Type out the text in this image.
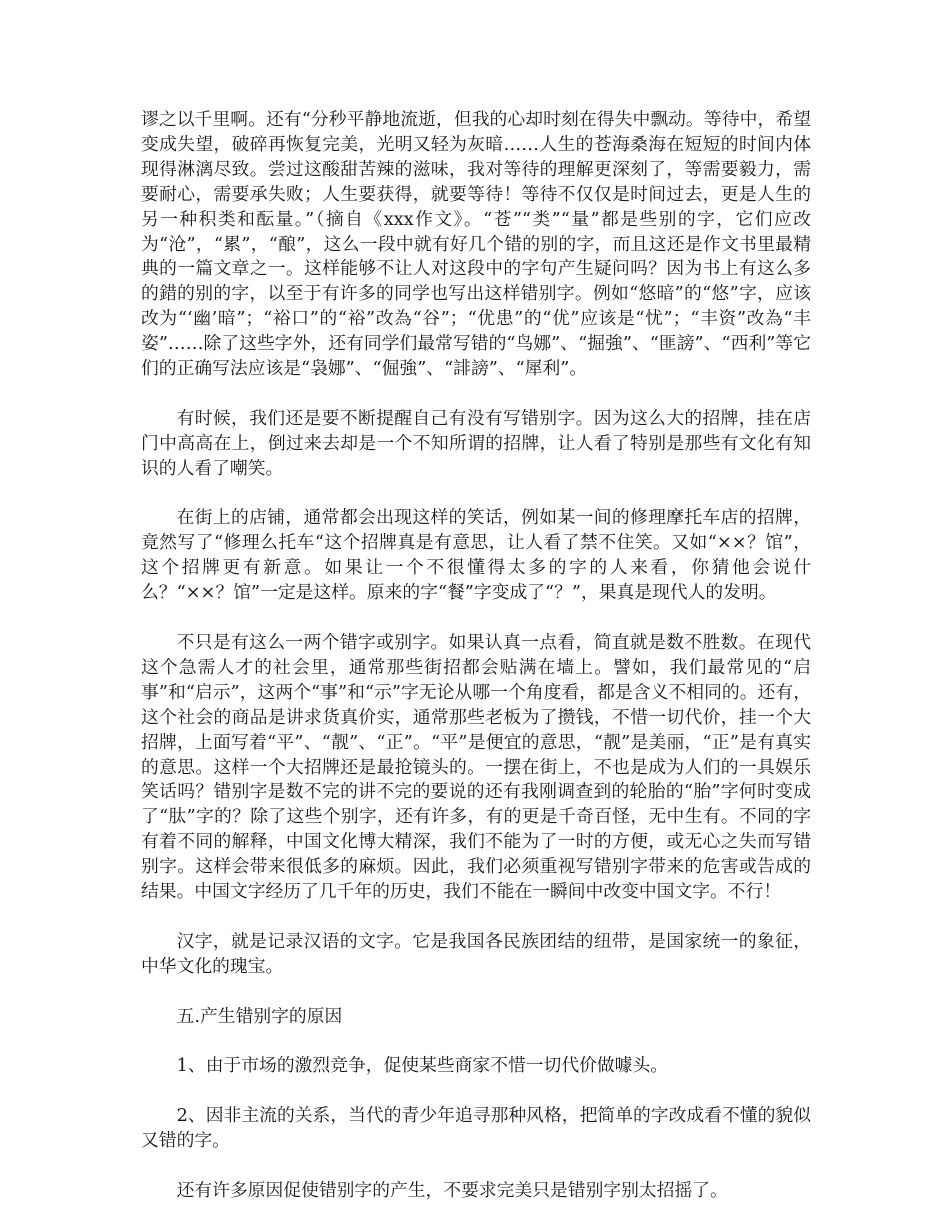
谬之以千里啊。还有“分秒平静地流逝，但我的心却时刻在得失中飘动。等待中，希望变成失望，破碎再恢复完美，光明又轻为灰暗……人生的苍海桑海在短短的时间内体现得淋漓尽致。尝过这酸甜苦辣的滋味，我对等待的理解更深刻了，等需要毅力，需要耐心，需要承失败；人生要获得，就要等待！等待不仅仅是时间过去，更是人生的另一种积类和酝量。”（摘自《xxx作文》。“苍”“类”“量”都是些别的字，它们应改为“沧”，“累”，“酿”，这么一段中就有好几个错的别的字，而且这还是作文书里最精典的一篇文章之一。这样能够不让人对这段中的字句产生疑问吗？因为书上有这么多的錯的别的字，以至于有许多的同学也写出这样错别字。例如“悠暗”的“悠”字，应该改为“‘幽’暗”；“裕口”的“裕”改為“谷”；“优患”的“优”应该是“忧”；“丰资”改為“丰姿”……除了这些字外，还有同学们最常写错的“鸟娜”、“掘強”、“匪謗”、“西利”等它们的正确写法应该是“袅娜”、“倔強”、“誹謗”、“犀利”。

有时候，我们还是要不断提醒自己有没有写错别字。因为这么大的招牌，挂在店门中高高在上，倒过来去却是一个不知所谓的招牌，让人看了特别是那些有文化有知识的人看了嘲笑。

在街上的店铺，通常都会出现这样的笑话，例如某一间的修理摩托车店的招牌，竟然写了“修理么托车“这个招牌真是有意思，让人看了禁不住笑。又如“××？馆”，这个招牌更有新意。如果让一个不很懂得太多的字的人来看，你猜他会说什么？“××？馆”一定是这样。原来的字“餐”字变成了“？”，果真是现代人的发明。

不只是有这么一两个错字或别字。如果认真一点看，简直就是数不胜数。在现代这个急需人才的社会里，通常那些街招都会贴满在墙上。譬如，我们最常见的“启事”和“启示”，这两个“事”和“示”字无论从哪一个角度看，都是含义不相同的。还有，这个社会的商品是讲求货真价实，通常那些老板为了攒钱，不惜一切代价，挂一个大招牌，上面写着“平”、“靓”、“正”。“平”是便宜的意思，“靓”是美丽，“正”是有真实的意思。这样一个大招牌还是最抢镜头的。一摆在街上，不也是成为人们的一具娱乐笑话吗？错别字是数不完的讲不完的要说的还有我刚调查到的轮胎的“胎”字何时变成了“肽”字的？除了这些个别字，还有许多，有的更是千奇百怪，无中生有。不同的字有着不同的解释，中国文化博大精深，我们不能为了一时的方便，或无心之失而写错别字。这样会带来很低多的麻烦。因此，我们必须重视写错别字带来的危害或告成的结果。中国文字经历了几千年的历史，我们不能在一瞬间中改变中国文字。不行！

汉字，就是记录汉语的文字。它是我国各民族团结的纽带，是国家统一的象征，中华文化的瑰宝。

五.产生错别字的原因

1、由于市场的激烈竞争，促使某些商家不惜一切代价做噱头。

2、因非主流的关系，当代的青少年追寻那种风格，把简单的字改成看不懂的貌似又错的字。

还有许多原因促使错别字的产生，不要求完美只是错别字别太招摇了。
